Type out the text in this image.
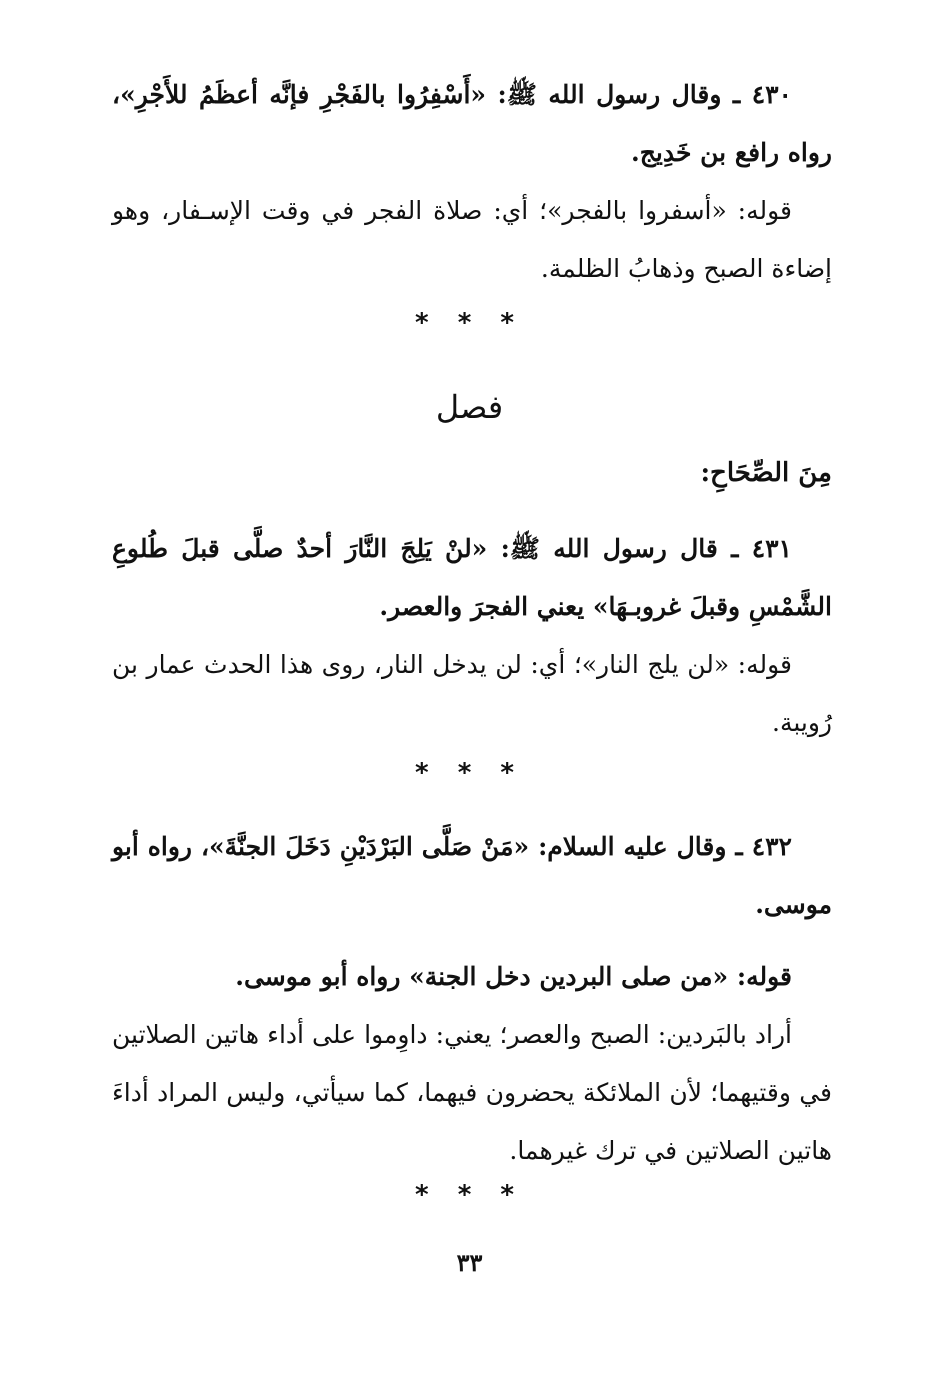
٤٣٠ ـ وقال رسول الله ﷺ: «أَسْفِرُوا بالفَجْرِ فإنَّه أعظَمُ للأَجْرِ»، رواه رافع بن خَدِيج.

قوله: «أسفروا بالفجر»؛ أي: صلاة الفجر في وقت الإسـفار، وهو إضاءة الصبح وذهابُ الظلمة.

* * *
فصل
مِنَ الصِّحَاحِ:

٤٣١ ـ قال رسول الله ﷺ: «لنْ يَلِجَ النَّارَ أحدٌ صلَّى قبلَ طُلوعِ الشَّمْسِ وقبلَ غروبـهَا» يعني الفجرَ والعصر.

قوله: «لن يلج النار»؛ أي: لن يدخل النار، روى هذا الحدث عمار بن رُويبة.

* * *

٤٣٢ ـ وقال عليه السلام: «مَنْ صَلَّى البَرْدَيْنِ دَخَلَ الجنَّةَ»، رواه أبو موسى.

قوله: «من صلى البردين دخل الجنة» رواه أبو موسى.

أراد بالبَردين: الصبح والعصر؛ يعني: داوِموا على أداء هاتين الصلاتين في وقتيهما؛ لأن الملائكة يحضرون فيهما، كما سيأتي، وليس المراد أداءَ هاتين الصلاتين في ترك غيرهما.

* * *
٣٣
